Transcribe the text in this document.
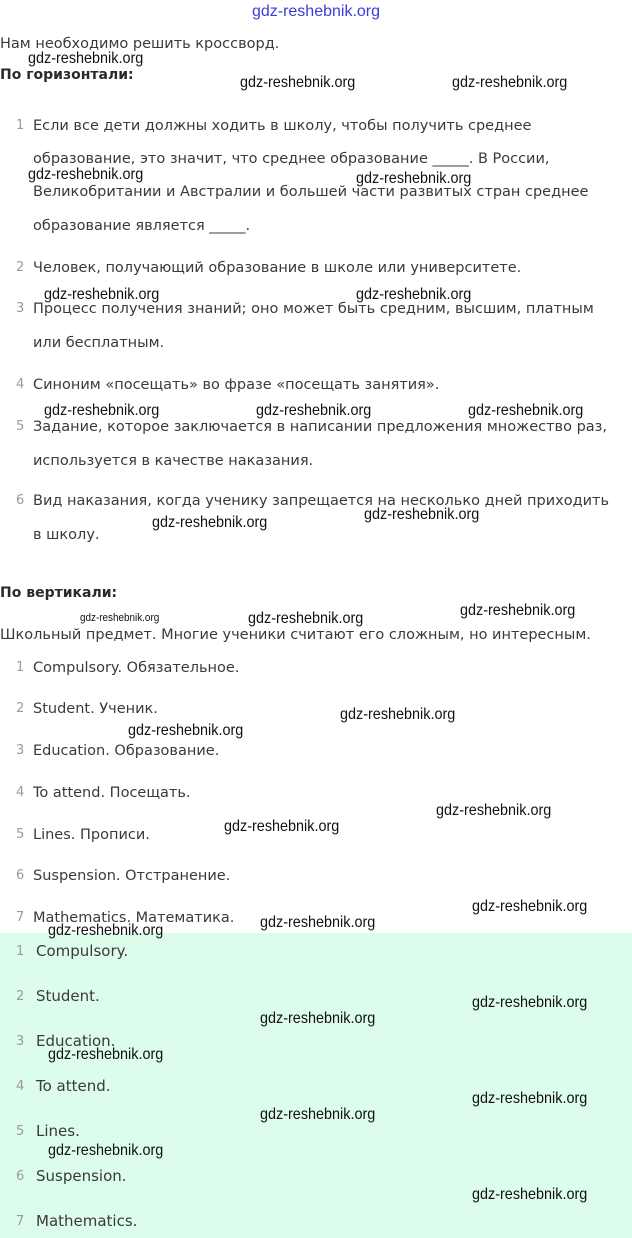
gdz-reshebnik.org
Нам необходимо решить кроссворд.
По горизонтали:
По вертикали:
Школьный предмет. Многие ученики считают его сложным, но интересным.
1 Если все дети должны ходить в школу, чтобы получить среднее
образование, это значит, что среднее образование _____. В России,
Великобритании и Австралии и большей части развитых стран среднее
образование является _____.
2 Человек, получающий образование в школе или университете.
3 Процесс получения знаний; оно может быть средним, высшим, платным
или бесплатным.
4 Синоним «посещать» во фразе «посещать занятия».
5 Задание, которое заключается в написании предложения множество раз,
используется в качестве наказания.
6 Вид наказания, когда ученику запрещается на несколько дней приходить
в школу.
1 Compulsory. Обязательное.
2 Student. Ученик.
3 Education. Образование.
4 To attend. Посещать.
5 Lines. Прописи.
6 Suspension. Отстранение.
7 Mathematics. Математика.
1 Compulsory.
2 Student.
3 Education.
4 To attend.
5 Lines.
6 Suspension.
7 Mathematics.
gdz-reshebnik.org
gdz-reshebnik.org	gdz-reshebnik.org
gdz-reshebnik.org	gdz-reshebnik.org
gdz-reshebnik.org	gdz-reshebnik.org
gdz-reshebnik.org	gdz-reshebnik.org	gdz-reshebnik.org
gdz-reshebnik.org	gdz-reshebnik.org
gdz-reshebnik.org	gdz-reshebnik.org
gdz-reshebnik.org
gdz-reshebnik.org
gdz-reshebnik.org
gdz-reshebnik.org
gdz-reshebnik.org
gdz-reshebnik.org
gdz-reshebnik.org
gdz-reshebnik.org
gdz-reshebnik.org
gdz-reshebnik.org
gdz-reshebnik.org
gdz-reshebnik.org
gdz-reshebnik.org
gdz-reshebnik.org
gdz-reshebnik.org
